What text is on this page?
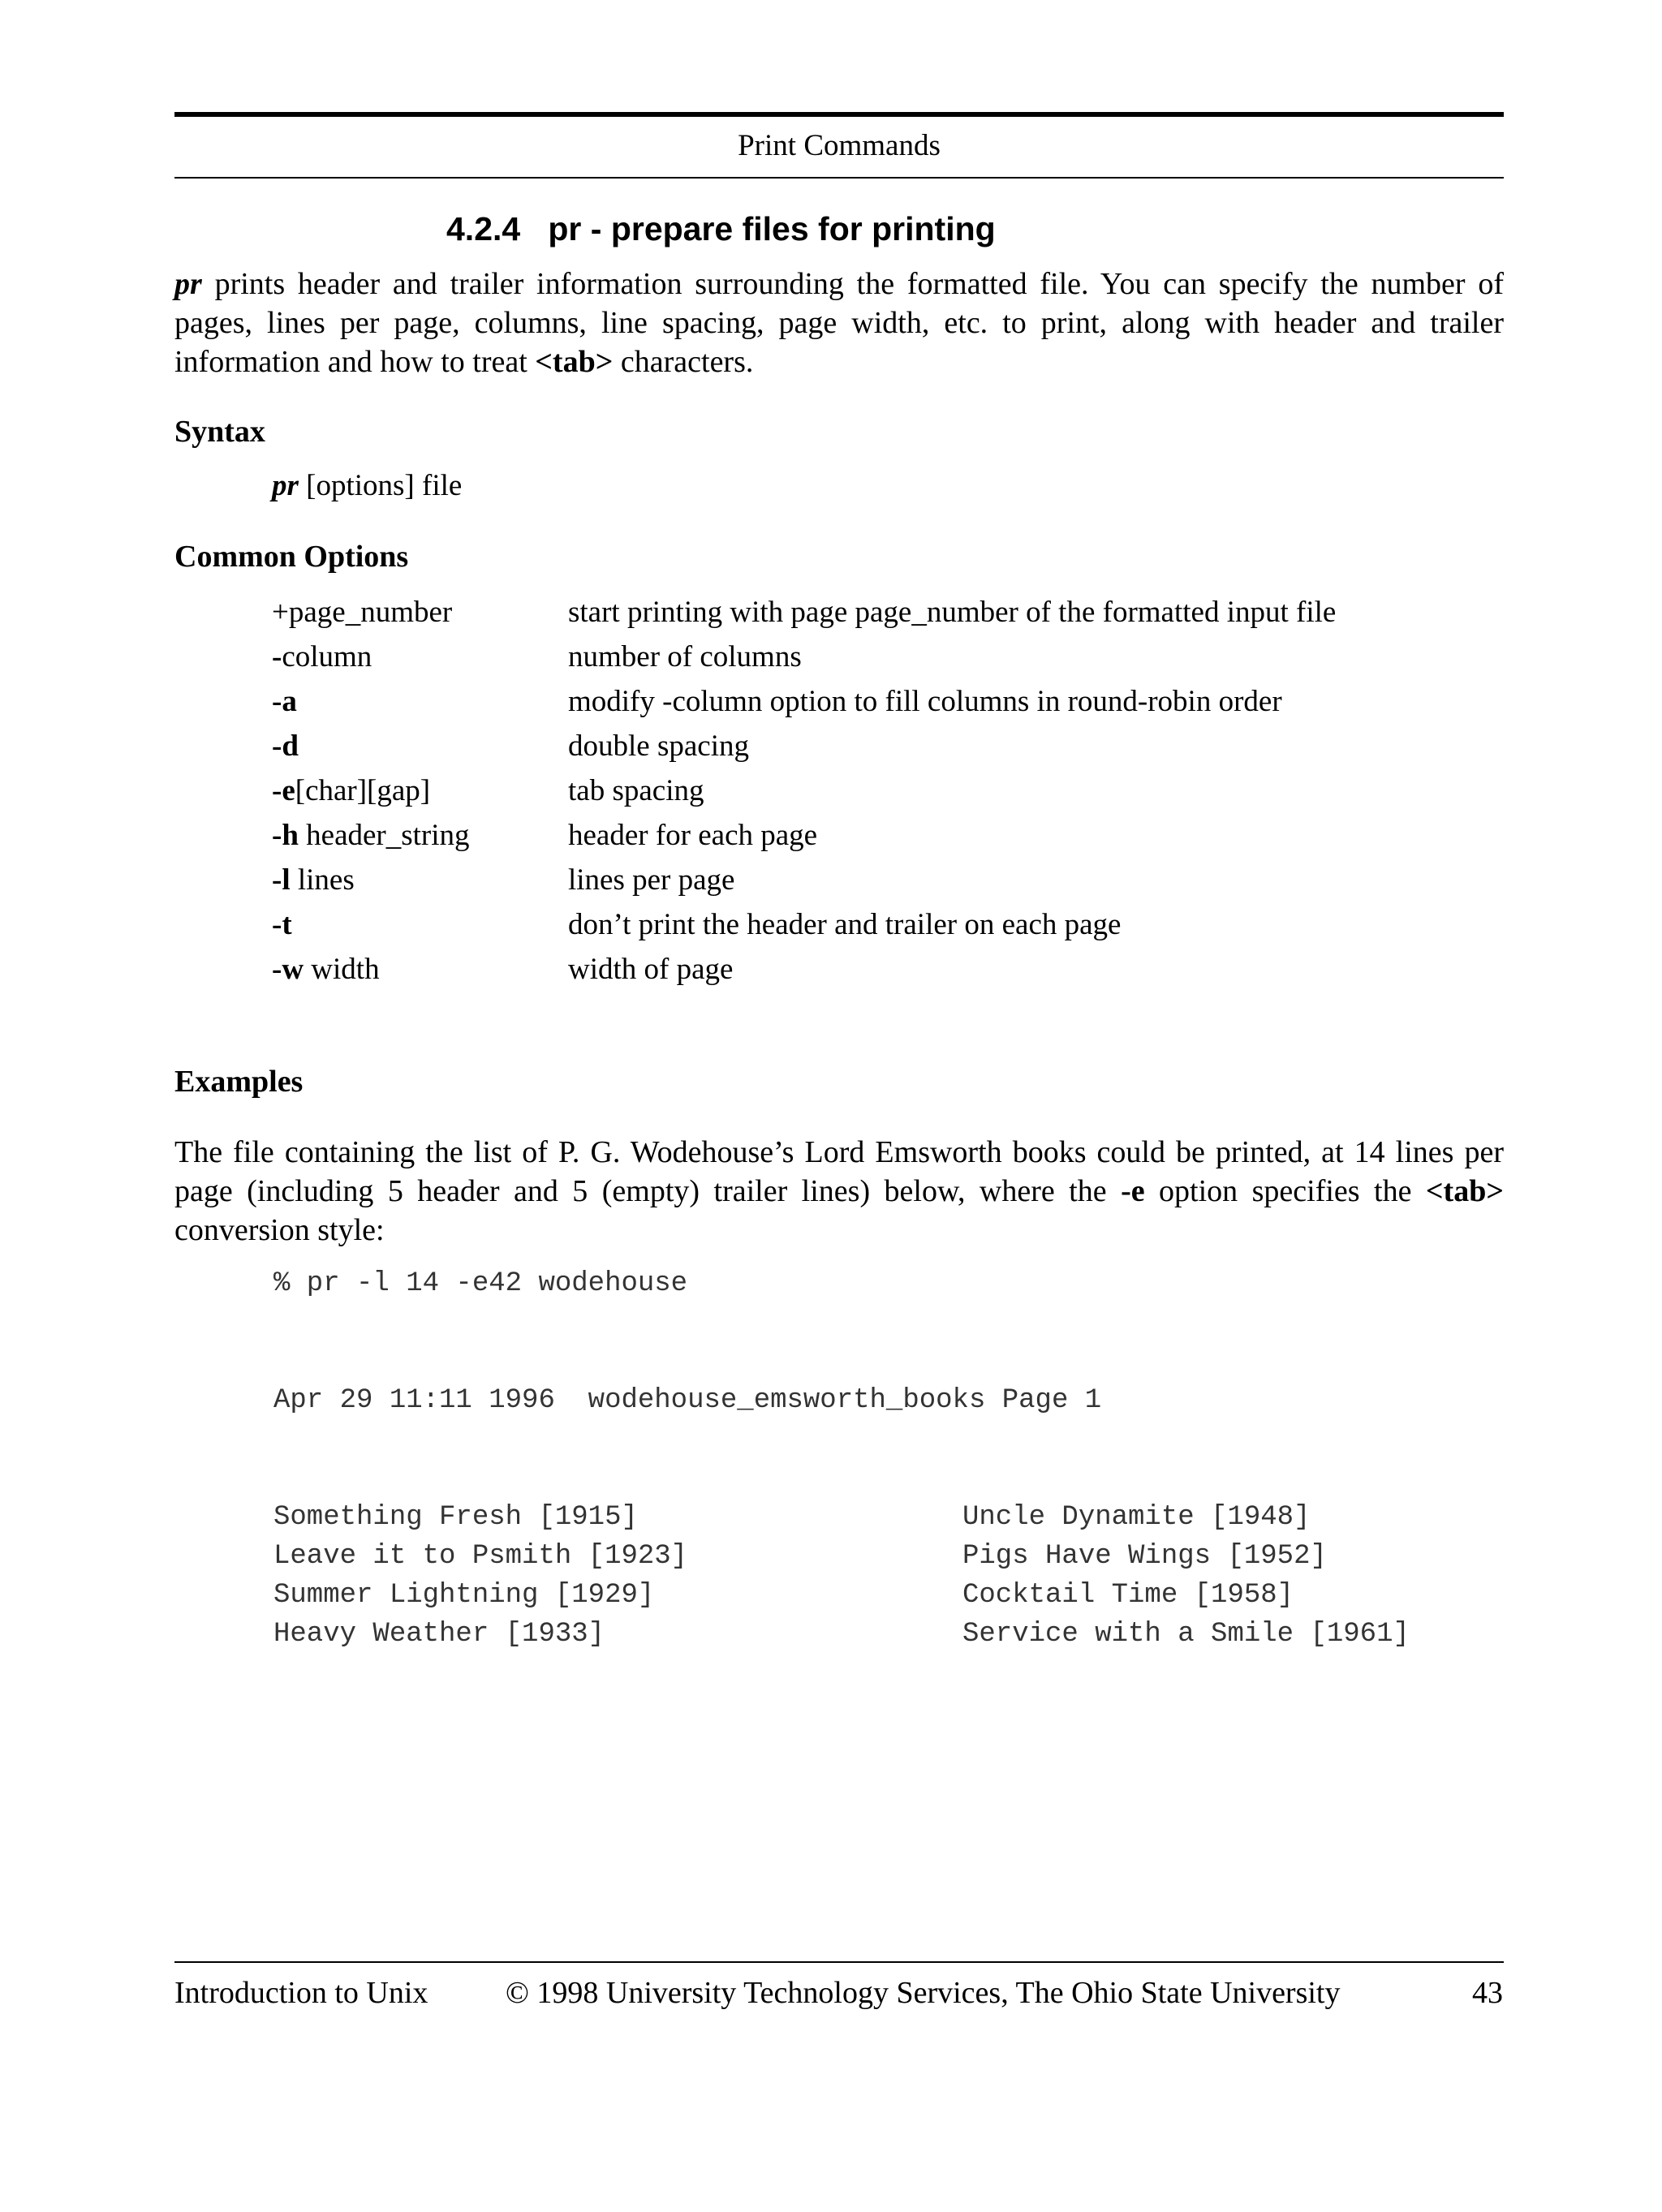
Print Commands
4.2.4 pr - prepare files for printing
pr prints header and trailer information surrounding the formatted file. You can specify the number of pages, lines per page, columns, line spacing, page width, etc. to print, along with header and trailer information and how to treat <tab> characters.
Syntax
pr [options] file
Common Options
+page_number	start printing with page page_number of the formatted input file
-column	number of columns
-a	modify -column option to fill columns in round-robin order
-d	double spacing
-e[char][gap]	tab spacing
-h header_string	header for each page
-l lines	lines per page
-t	don’t print the header and trailer on each page
-w width	width of page
Examples
The file containing the list of P. G. Wodehouse’s Lord Emsworth books could be printed, at 14 lines per page (including 5 header and 5 (empty) trailer lines) below, where the -e option specifies the <tab> conversion style:
% pr -l 14 -e42 wodehouse
Apr 29 11:11 1996  wodehouse_emsworth_books Page 1
Something Fresh [1915]
Leave it to Psmith [1923]
Summer Lightning [1929]
Heavy Weather [1933]
Uncle Dynamite [1948]
Pigs Have Wings [1952]
Cocktail Time [1958]
Service with a Smile [1961]
Introduction to Unix	© 1998 University Technology Services, The Ohio State University	43
